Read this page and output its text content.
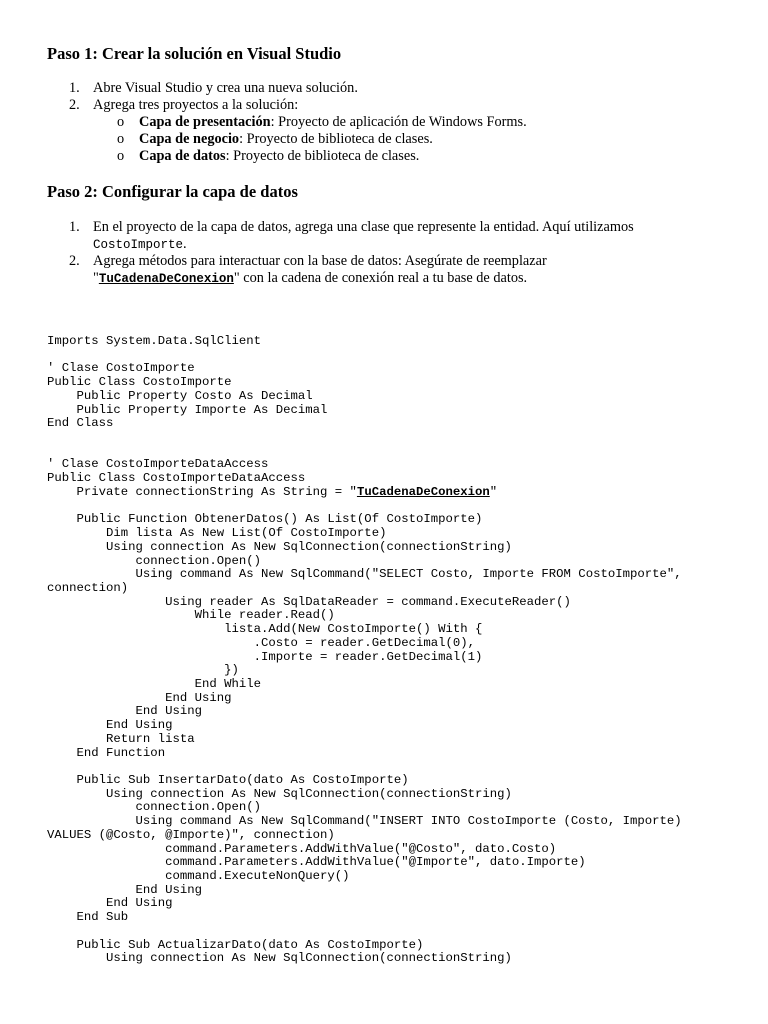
Paso 1: Crear la solución en Visual Studio
1. Abre Visual Studio y crea una nueva solución.
2. Agrega tres proyectos a la solución:
o Capa de presentación: Proyecto de aplicación de Windows Forms.
o Capa de negocio: Proyecto de biblioteca de clases.
o Capa de datos: Proyecto de biblioteca de clases.
Paso 2: Configurar la capa de datos
1. En el proyecto de la capa de datos, agrega una clase que represente la entidad. Aquí utilizamos
CostoImporte.
2. Agrega métodos para interactuar con la base de datos: Asegúrate de reemplazar
"TuCadenaDeConexion" con la cadena de conexión real a tu base de datos.
Imports System.Data.SqlClient

' Clase CostoImporte
Public Class CostoImporte
Public Property Costo As Decimal
Public Property Importe As Decimal
End Class

' Clase CostoImporteDataAccess
Public Class CostoImporteDataAccess
Private connectionString As String = "TuCadenaDeConexion"

Public Function ObtenerDatos() As List(Of CostoImporte)
Dim lista As New List(Of CostoImporte)
Using connection As New SqlConnection(connectionString)
connection.Open()
Using command As New SqlCommand("SELECT Costo, Importe FROM CostoImporte",
connection)
Using reader As SqlDataReader = command.ExecuteReader()
While reader.Read()
lista.Add(New CostoImporte() With {
.Costo = reader.GetDecimal(0),
.Importe = reader.GetDecimal(1)
})
End While
End Using
End Using
End Using
Return lista
End Function

Public Sub InsertarDato(dato As CostoImporte)
Using connection As New SqlConnection(connectionString)
connection.Open()
Using command As New SqlCommand("INSERT INTO CostoImporte (Costo, Importe)
VALUES (@Costo, @Importe)", connection)
command.Parameters.AddWithValue("@Costo", dato.Costo)
command.Parameters.AddWithValue("@Importe", dato.Importe)
command.ExecuteNonQuery()
End Using
End Using
End Sub

Public Sub ActualizarDato(dato As CostoImporte)
Using connection As New SqlConnection(connectionString)
